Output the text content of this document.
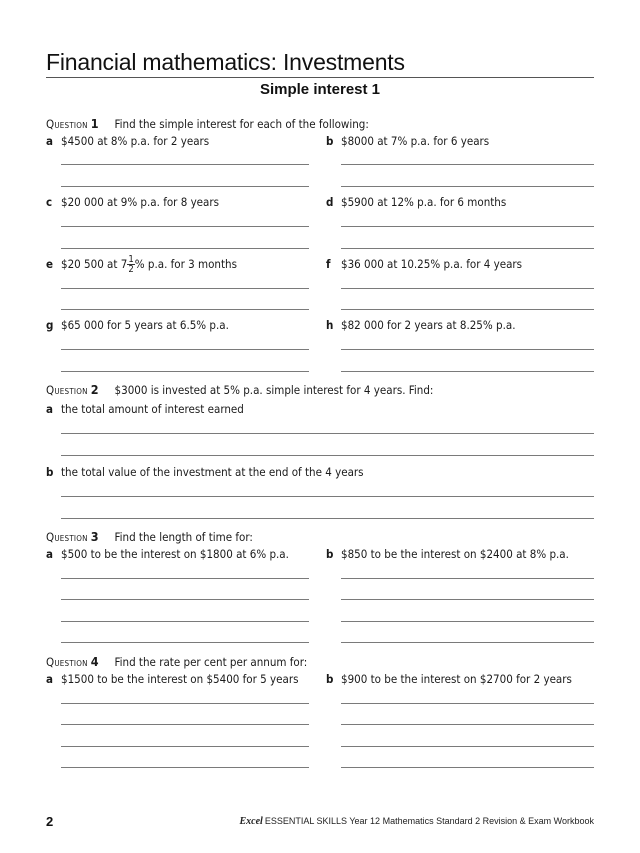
Financial mathematics: Investments
Simple interest 1
Question 1 Find the simple interest for each of the following:
a $4500 at 8% p.a. for 2 years	b $8000 at 7% p.a. for 6 years
c $20 000 at 9% p.a. for 8 years	d $5900 at 12% p.a. for 6 months
e $20 500 at $7 \frac{1}{2}$ % p.a. for 3 months	f $36 000 at 10.25% p.a. for 4 years
g $65 000 for 5 years at 6.5% p.a.	h $82 000 for 2 years at 8.25% p.a.
Question 2 $3000 is invested at 5% p.a. simple interest for 4 years. Find:
a the total amount of interest earned
b the total value of the investment at the end of the 4 years
Question 3 Find the length of time for:
a $500 to be the interest on $1800 at 6% p.a.	b $850 to be the interest on $2400 at 8% p.a.
Question 4 Find the rate per cent per annum for:
a $1500 to be the interest on $5400 for 5 years b $900 to be the interest on $2700 for 2 years
2	Excel ESSENTIAL SKILLS Year 12 Mathematics Standard 2 Revision & Exam Workbook
